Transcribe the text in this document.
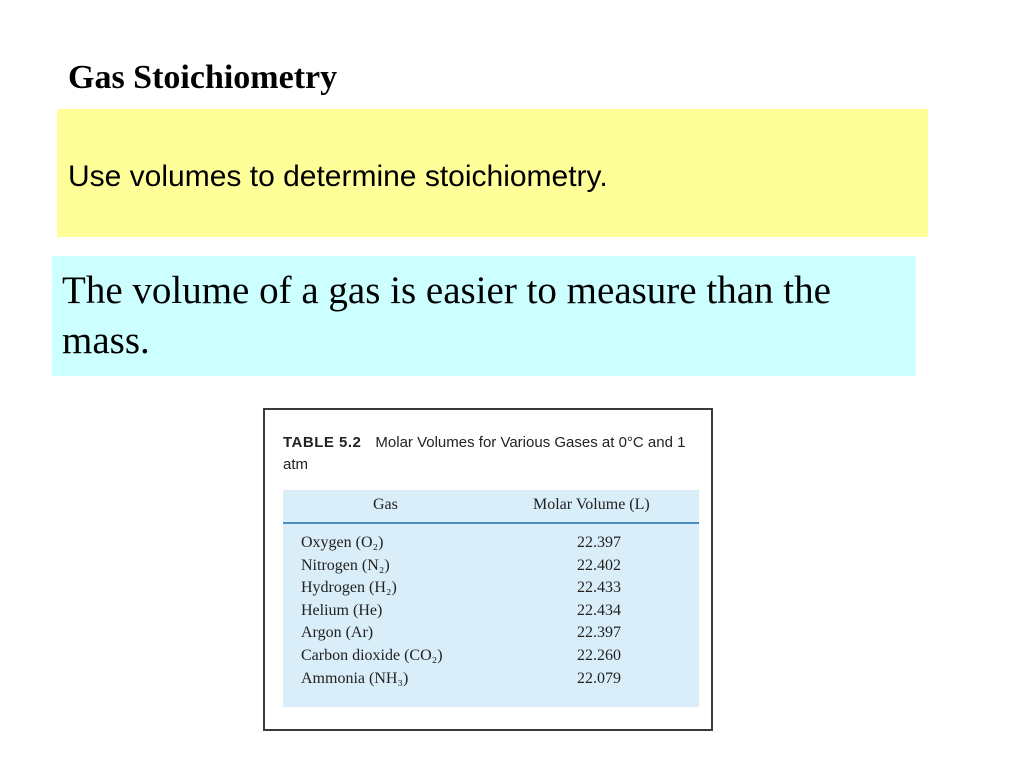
Gas Stoichiometry
Use volumes to determine stoichiometry.
The volume of a gas is easier to measure than the mass.
TABLE 5.2 Molar Volumes for Various Gases at 0°C and 1 atm
Gas	Molar Volume (L)
Oxygen (O₂)	22.397
Nitrogen (N₂)	22.402
Hydrogen (H₂)	22.433
Helium (He)	22.434
Argon (Ar)	22.397
Carbon dioxide (CO₂)	22.260
Ammonia (NH₃)	22.079
